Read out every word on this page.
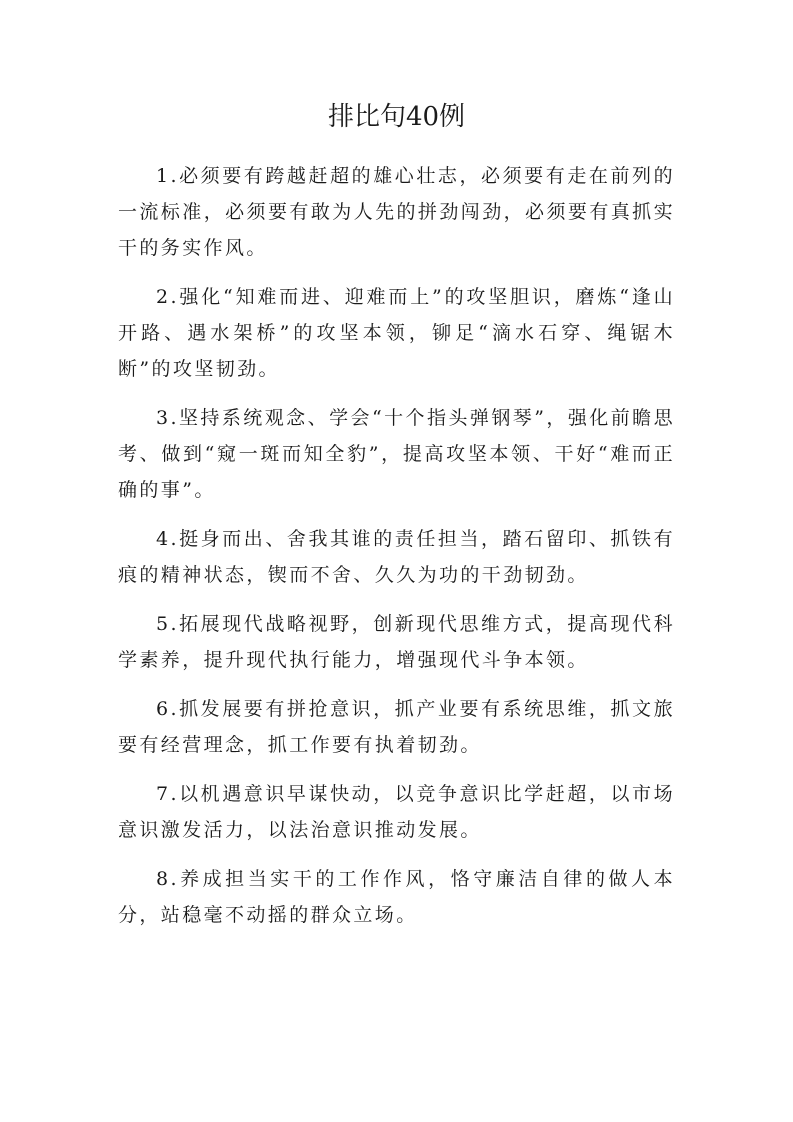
排比句40例

1.必须要有跨越赶超的雄心壮志，必须要有走在前列的一流标准，必须要有敢为人先的拼劲闯劲，必须要有真抓实干的务实作风。

2.强化“知难而进、迎难而上”的攻坚胆识，磨炼“逢山开路、遇水架桥”的攻坚本领，铆足“滴水石穿、绳锯木断”的攻坚韧劲。

3.坚持系统观念、学会“十个指头弹钢琴”，强化前瞻思考、做到“窥一斑而知全豹”，提高攻坚本领、干好“难而正确的事”。

4.挺身而出、舍我其谁的责任担当，踏石留印、抓铁有痕的精神状态，锲而不舍、久久为功的干劲韧劲。

5.拓展现代战略视野，创新现代思维方式，提高现代科学素养，提升现代执行能力，增强现代斗争本领。

6.抓发展要有拼抢意识，抓产业要有系统思维，抓文旅要有经营理念，抓工作要有执着韧劲。

7.以机遇意识早谋快动，以竞争意识比学赶超，以市场意识激发活力，以法治意识推动发展。

8.养成担当实干的工作作风，恪守廉洁自律的做人本分，站稳毫不动摇的群众立场。
